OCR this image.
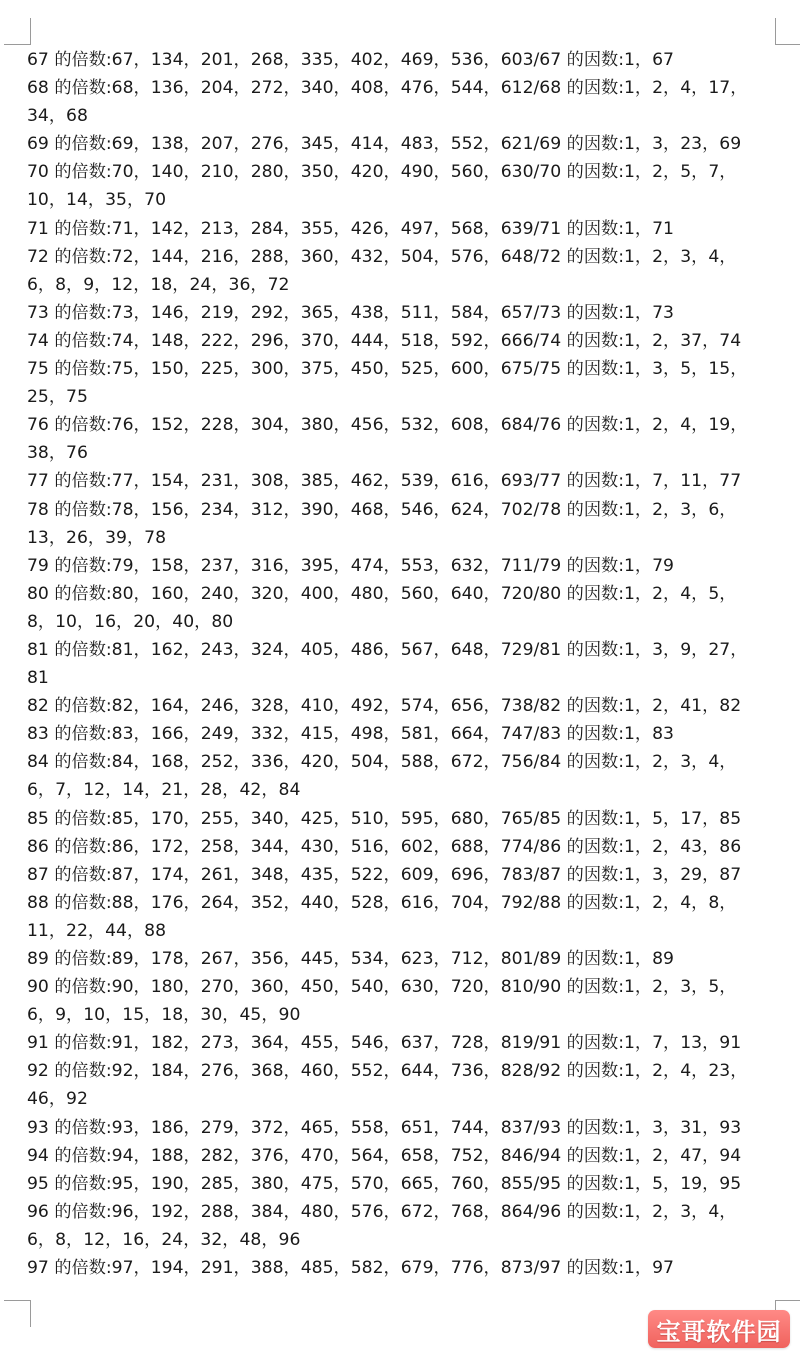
67 的倍数:67，134，201，268，335，402，469，536，603/67 的因数:1，67
68 的倍数:68，136，204，272，340，408，476，544，612/68 的因数:1，2，4，17，
34，68
69 的倍数:69，138，207，276，345，414，483，552，621/69 的因数:1，3，23，69
70 的倍数:70，140，210，280，350，420，490，560，630/70 的因数:1，2，5，7，
10，14，35，70
71 的倍数:71，142，213，284，355，426，497，568，639/71 的因数:1，71
72 的倍数:72，144，216，288，360，432，504，576，648/72 的因数:1，2，3，4，
6，8，9，12，18，24，36，72
73 的倍数:73，146，219，292，365，438，511，584，657/73 的因数:1，73
74 的倍数:74，148，222，296，370，444，518，592，666/74 的因数:1，2，37，74
75 的倍数:75，150，225，300，375，450，525，600，675/75 的因数:1，3，5，15，
25，75
76 的倍数:76，152，228，304，380，456，532，608，684/76 的因数:1，2，4，19，
38，76
77 的倍数:77，154，231，308，385，462，539，616，693/77 的因数:1，7，11，77
78 的倍数:78，156，234，312，390，468，546，624，702/78 的因数:1，2，3，6，
13，26，39，78
79 的倍数:79，158，237，316，395，474，553，632，711/79 的因数:1，79
80 的倍数:80，160，240，320，400，480，560，640，720/80 的因数:1，2，4，5，
8，10，16，20，40，80
81 的倍数:81，162，243，324，405，486，567，648，729/81 的因数:1，3，9，27，
81
82 的倍数:82，164，246，328，410，492，574，656，738/82 的因数:1，2，41，82
83 的倍数:83，166，249，332，415，498，581，664，747/83 的因数:1，83
84 的倍数:84，168，252，336，420，504，588，672，756/84 的因数:1，2，3，4，
6，7，12，14，21，28，42，84
85 的倍数:85，170，255，340，425，510，595，680，765/85 的因数:1，5，17，85
86 的倍数:86，172，258，344，430，516，602，688，774/86 的因数:1，2，43，86
87 的倍数:87，174，261，348，435，522，609，696，783/87 的因数:1，3，29，87
88 的倍数:88，176，264，352，440，528，616，704，792/88 的因数:1，2，4，8，
11，22，44，88
89 的倍数:89，178，267，356，445，534，623，712，801/89 的因数:1，89
90 的倍数:90，180，270，360，450，540，630，720，810/90 的因数:1，2，3，5，
6，9，10，15，18，30，45，90
91 的倍数:91，182，273，364，455，546，637，728，819/91 的因数:1，7，13，91
92 的倍数:92，184，276，368，460，552，644，736，828/92 的因数:1，2，4，23，
46，92
93 的倍数:93，186，279，372，465，558，651，744，837/93 的因数:1，3，31，93
94 的倍数:94，188，282，376，470，564，658，752，846/94 的因数:1，2，47，94
95 的倍数:95，190，285，380，475，570，665，760，855/95 的因数:1，5，19，95
96 的倍数:96，192，288，384，480，576，672，768，864/96 的因数:1，2，3，4，
6，8，12，16，24，32，48，96
97 的倍数:97，194，291，388，485，582，679，776，873/97 的因数:1，97
宝哥软件园
